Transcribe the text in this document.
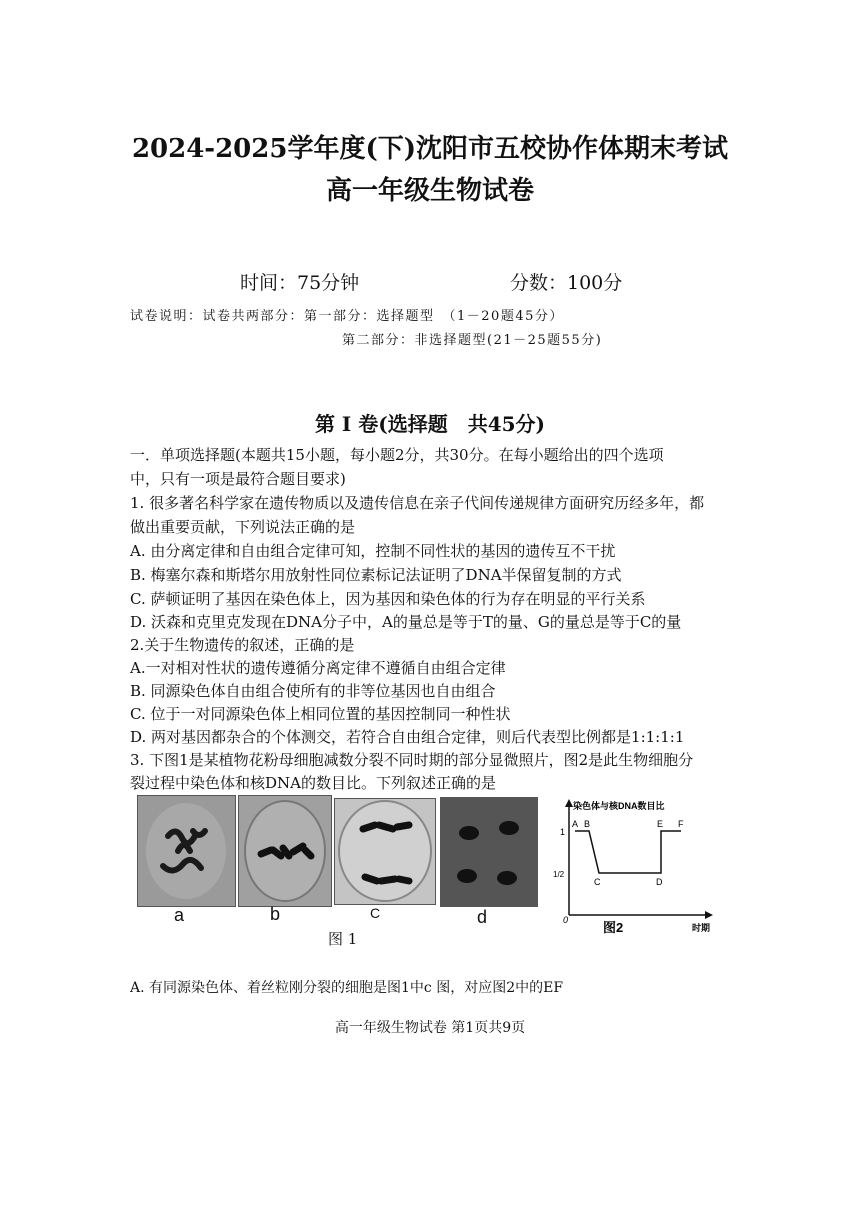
2024-2025学年度(下)沈阳市五校协作体期末考试
高一年级生物试卷
时间：75分钟	分数：100分
试卷说明：试卷共两部分：第一部分：选择题型　（1－20题45分）
第二部分：非选择题型(21－25题55分)
第 I 卷(选择题　共45分)
一．单项选择题(本题共15小题，每小题2分，共30分。在每小题给出的四个选项
中，只有一项是最符合题目要求)
1. 很多著名科学家在遗传物质以及遗传信息在亲子代间传递规律方面研究历经多年，都
做出重要贡献，下列说法正确的是
A. 由分离定律和自由组合定律可知，控制不同性状的基因的遗传互不干扰
B. 梅塞尔森和斯塔尔用放射性同位素标记法证明了DNA半保留复制的方式
C. 萨顿证明了基因在染色体上，因为基因和染色体的行为存在明显的平行关系
D. 沃森和克里克发现在DNA分子中，A的量总是等于T的量、G的量总是等于C的量
2.关于生物遗传的叙述，正确的是
A.一对相对性状的遗传遵循分离定律不遵循自由组合定律
B. 同源染色体自由组合使所有的非等位基因也自由组合
C. 位于一对同源染色体上相同位置的基因控制同一种性状
D. 两对基因都杂合的个体测交，若符合自由组合定律，则后代表型比例都是1:1:1:1
3. 下图1是某植物花粉母细胞减数分裂不同时期的部分显微照片，图2是此生物细胞分
裂过程中染色体和核DNA的数目比。下列叙述正确的是
a	b	C	d
图 1
染色体与核DNA数目比
1
1/2
0
A B
C	D
E F
图2	时期
A. 有同源染色体、着丝粒刚分裂的细胞是图1中c 图，对应图2中的EF
高一年级生物试卷 第1页共9页
